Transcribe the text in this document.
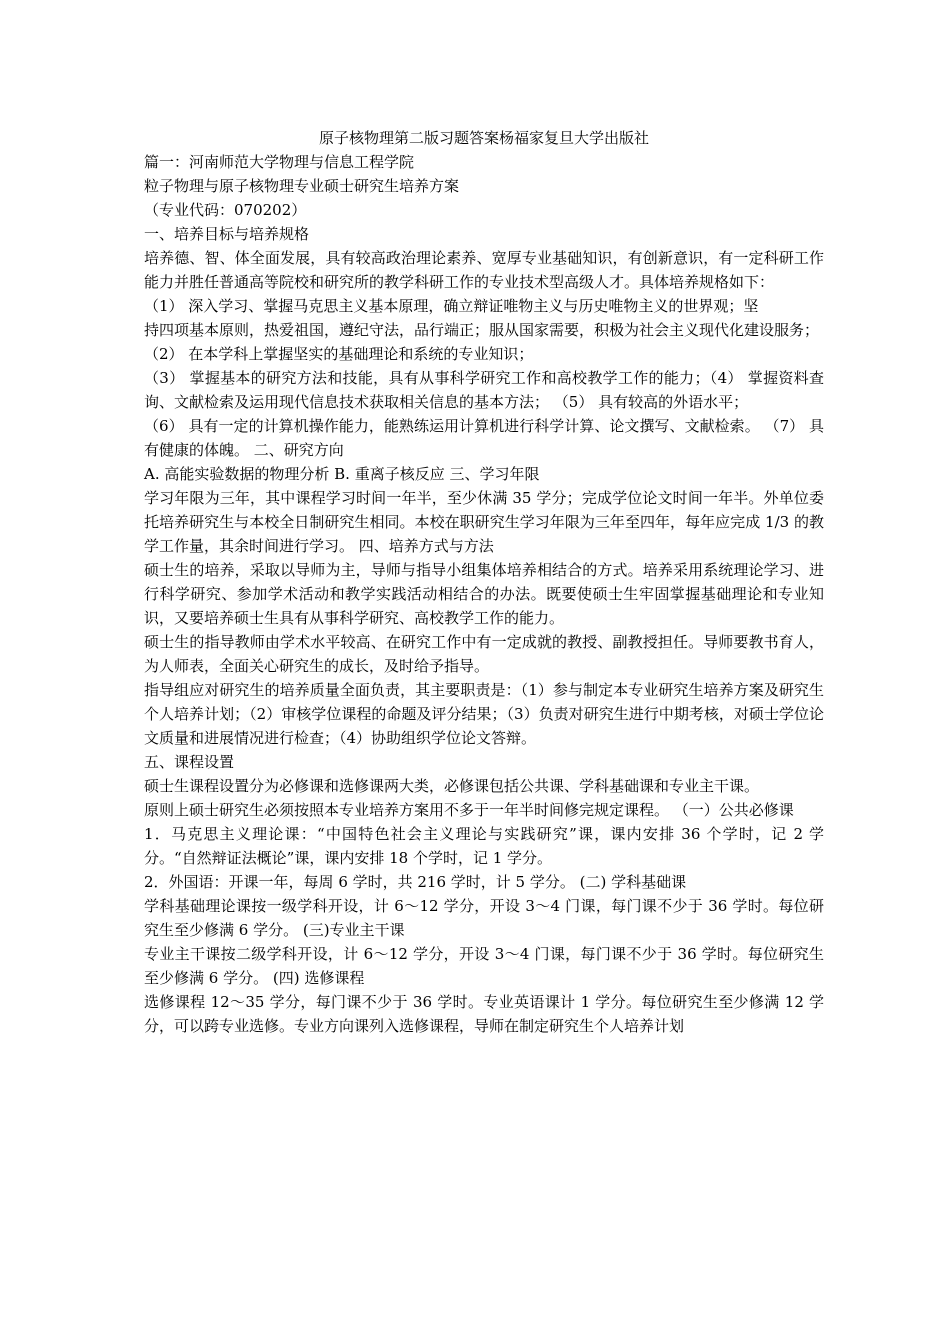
原子核物理第二版习题答案杨福家复旦大学出版社

篇一：河南师范大学物理与信息工程学院

粒子物理与原子核物理专业硕士研究生培养方案

（专业代码：070202）

一、培养目标与培养规格

培养德、智、体全面发展，具有较高政治理论素养、宽厚专业基础知识，有创新意识，有一定科研工作能力并胜任普通高等院校和研究所的教学科研工作的专业技术型高级人才。具体培养规格如下：

（1） 深入学习、掌握马克思主义基本原理，确立辩证唯物主义与历史唯物主义的世界观；坚

持四项基本原则，热爱祖国，遵纪守法，品行端正；服从国家需要，积极为社会主义现代化建设服务；

（2） 在本学科上掌握坚实的基础理论和系统的专业知识；

（3） 掌握基本的研究方法和技能，具有从事科学研究工作和高校教学工作的能力；（4） 掌握资料查询、文献检索及运用现代信息技术获取相关信息的基本方法； （5） 具有较高的外语水平；

（6） 具有一定的计算机操作能力，能熟练运用计算机进行科学计算、论文撰写、文献检索。 （7） 具有健康的体魄。 二、研究方向

A. 高能实验数据的物理分析 B. 重离子核反应 三、学习年限

学习年限为三年，其中课程学习时间一年半，至少休满 35 学分；完成学位论文时间一年半。外单位委托培养研究生与本校全日制研究生相同。本校在职研究生学习年限为三年至四年，每年应完成 1/3 的教学工作量，其余时间进行学习。 四、培养方式与方法

硕士生的培养，采取以导师为主，导师与指导小组集体培养相结合的方式。培养采用系统理论学习、进行科学研究、参加学术活动和教学实践活动相结合的办法。既要使硕士生牢固掌握基础理论和专业知识，又要培养硕士生具有从事科学研究、高校教学工作的能力。

硕士生的指导教师由学术水平较高、在研究工作中有一定成就的教授、副教授担任。导师要教书育人，为人师表，全面关心研究生的成长，及时给予指导。

指导组应对研究生的培养质量全面负责，其主要职责是：（1）参与制定本专业研究生培养方案及研究生个人培养计划；（2）审核学位课程的命题及评分结果；（3）负责对研究生进行中期考核，对硕士学位论文质量和进展情况进行检查；（4）协助组织学位论文答辩。

五、课程设置

硕士生课程设置分为必修课和选修课两大类，必修课包括公共课、学科基础课和专业主干课。

原则上硕士研究生必须按照本专业培养方案用不多于一年半时间修完规定课程。 （一）公共必修课

1．马克思主义理论课：“中国特色社会主义理论与实践研究”课，课内安排 36 个学时，记 2 学分。“自然辩证法概论”课，课内安排 18 个学时，记 1 学分。

2．外国语：开课一年，每周 6 学时，共 216 学时，计 5 学分。 (二) 学科基础课

学科基础理论课按一级学科开设，计 6～12 学分，开设 3～4 门课，每门课不少于 36 学时。每位研究生至少修满 6 学分。 (三)专业主干课

专业主干课按二级学科开设，计 6～12 学分，开设 3～4 门课，每门课不少于 36 学时。每位研究生至少修满 6 学分。 (四) 选修课程

选修课程 12～35 学分，每门课不少于 36 学时。专业英语课计 1 学分。每位研究生至少修满 12 学分，可以跨专业选修。专业方向课列入选修课程，导师在制定研究生个人培养计划
